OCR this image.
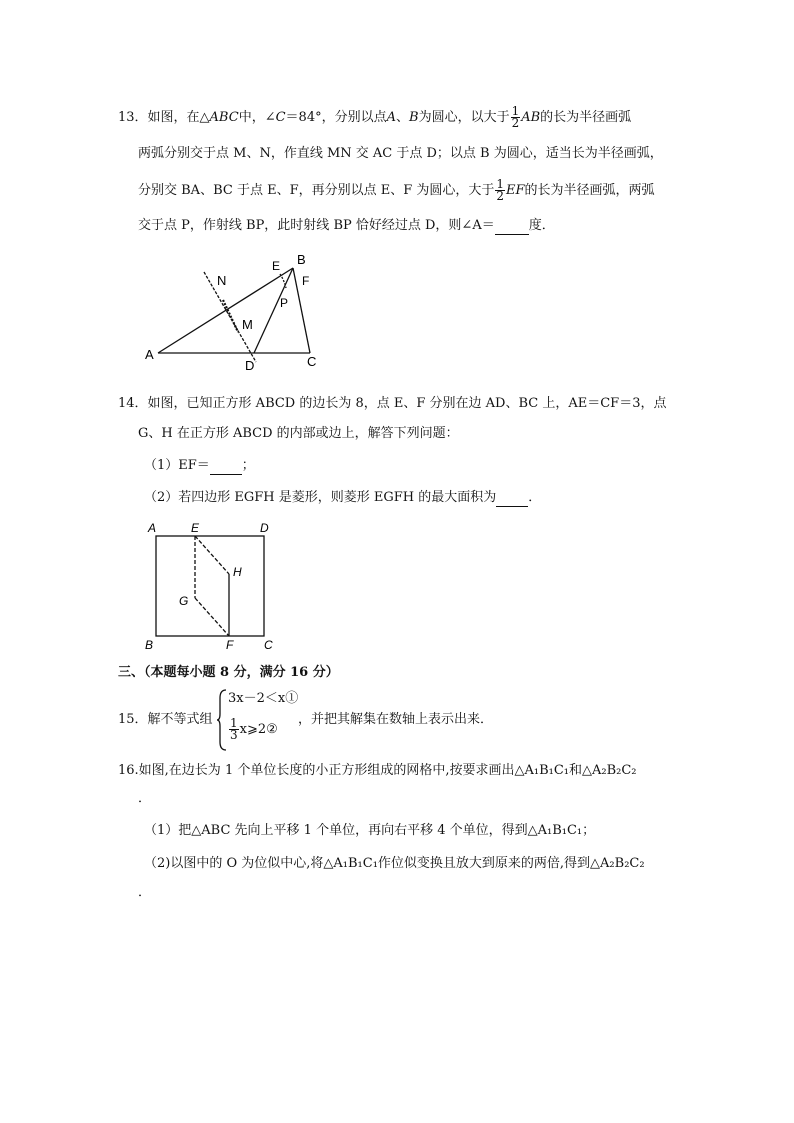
13．如图，在△ABC中，∠C＝84°，分别以点A、B为圆心，以大于 $\frac{1}{2}$ AB的长为半径画弧
两弧分别交于点 M、N，作直线 MN 交 AC 于点 D；以点 B 为圆心，适当长为半径画弧，
分别交 BA、BC 于点 E、F，再分别以点 E、F 为圆心，大于 $\frac{1}{2}$ EF的长为半径画弧，两弧
交于点 P，作射线 BP，此时射线 BP 恰好经过点 D，则∠A＝	度．
N
M
A
D	C
B
E
F
P
14．如图，已知正方形 ABCD 的边长为 8，点 E、F 分别在边 AD、BC 上，AE＝CF＝3，点
G、H 在正方形 ABCD 的内部或边上，解答下列问题：
（1）EF＝ ；
（2）若四边形 EGFH 是菱形，则菱形 EGFH 的最大面积为 ．
A	E	D
H
G
B	F	C
三、（本题每小题 8 分，满分 16 分）
15．解不等式组
3x－2＜x①
$\frac{1}{3}$ x⩾2②
，并把其解集在数轴上表示出来．
16.如图,在边长为 1 个单位长度的小正方形组成的网格中,按要求画出△A₁B₁C₁和△A₂B₂C₂
．
（1）把△ABC 先向上平移 1 个单位，再向右平移 4 个单位，得到△A₁B₁C₁；
（2)以图中的 O 为位似中心,将△A₁B₁C₁作位似变换且放大到原来的两倍,得到△A₂B₂C₂
．
